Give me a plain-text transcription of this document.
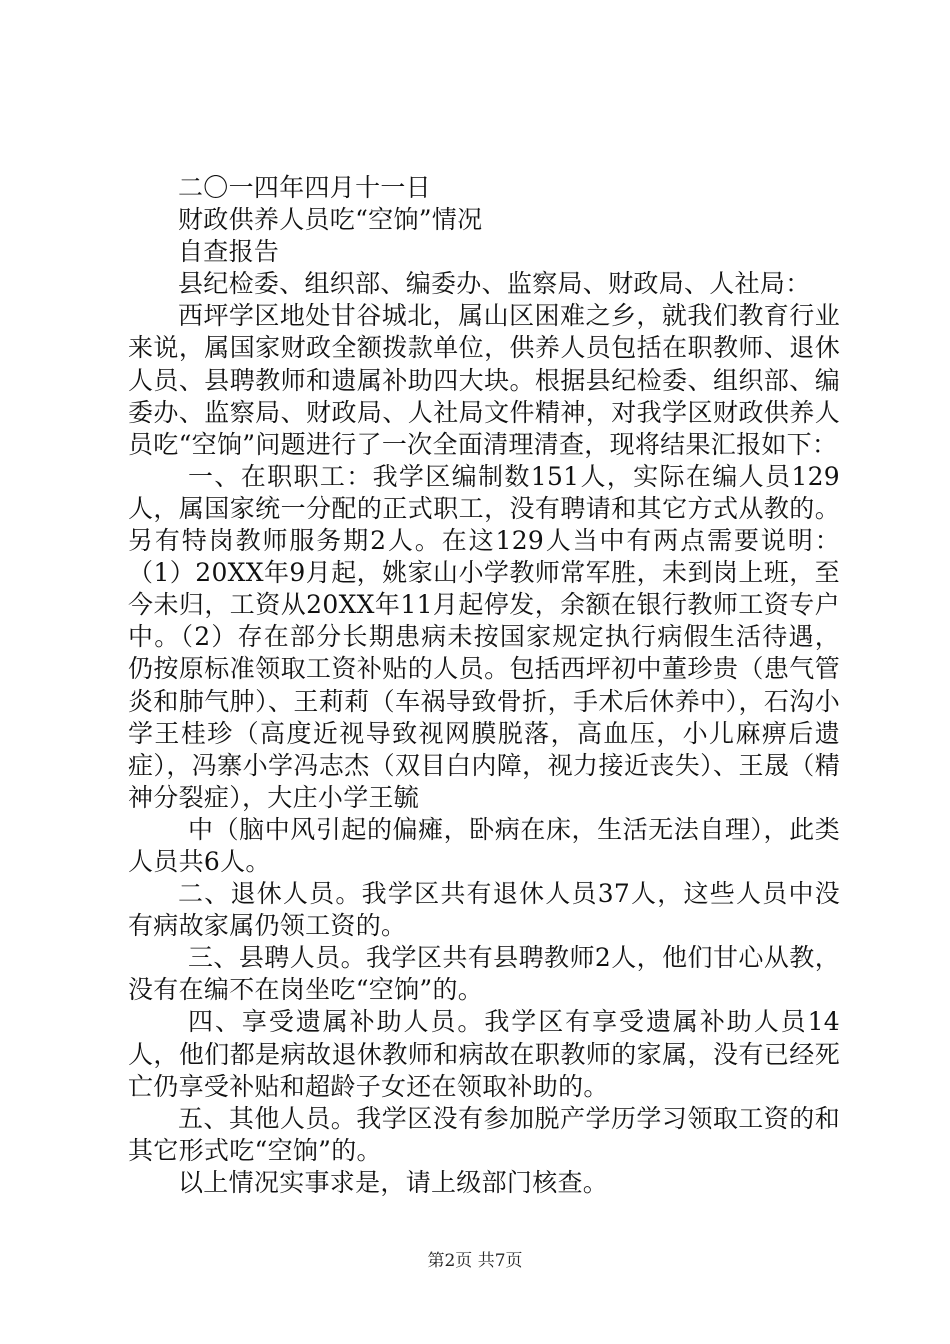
二〇一四年四月十一日

财政供养人员吃“空饷”情况

自查报告

县纪检委、组织部、编委办、监察局、财政局、人社局：

西坪学区地处甘谷城北，属山区困难之乡，就我们教育行业来说，属国家财政全额拨款单位，供养人员包括在职教师、退休人员、县聘教师和遗属补助四大块。根据县纪检委、组织部、编委办、监察局、财政局、人社局文件精神，对我学区财政供养人员吃“空饷”问题进行了一次全面清理清查，现将结果汇报如下：

一、在职职工：我学区编制数151人，实际在编人员129人，属国家统一分配的正式职工，没有聘请和其它方式从教的。另有特岗教师服务期2人。在这129人当中有两点需要说明：（1）20XX年9月起，姚家山小学教师常军胜，未到岗上班，至今未归，工资从20XX年11月起停发，余额在银行教师工资专户中。（2）存在部分长期患病未按国家规定执行病假生活待遇，仍按原标准领取工资补贴的人员。包括西坪初中董珍贵（患气管炎和肺气肿）、王莉莉（车祸导致骨折，手术后休养中），石沟小学王桂珍（高度近视导致视网膜脱落，高血压，小儿麻痹后遗症），冯寨小学冯志杰（双目白内障，视力接近丧失）、王晟（精神分裂症），大庄小学王毓

中（脑中风引起的偏瘫，卧病在床，生活无法自理），此类人员共6人。

二、退休人员。我学区共有退休人员37人，这些人员中没有病故家属仍领工资的。

三、县聘人员。我学区共有县聘教师2人，他们甘心从教，没有在编不在岗坐吃“空饷”的。

四、享受遗属补助人员。我学区有享受遗属补助人员14人，他们都是病故退休教师和病故在职教师的家属，没有已经死亡仍享受补贴和超龄子女还在领取补助的。

五、其他人员。我学区没有参加脱产学历学习领取工资的和其它形式吃“空饷”的。

以上情况实事求是，请上级部门核查。

第2页 共7页
